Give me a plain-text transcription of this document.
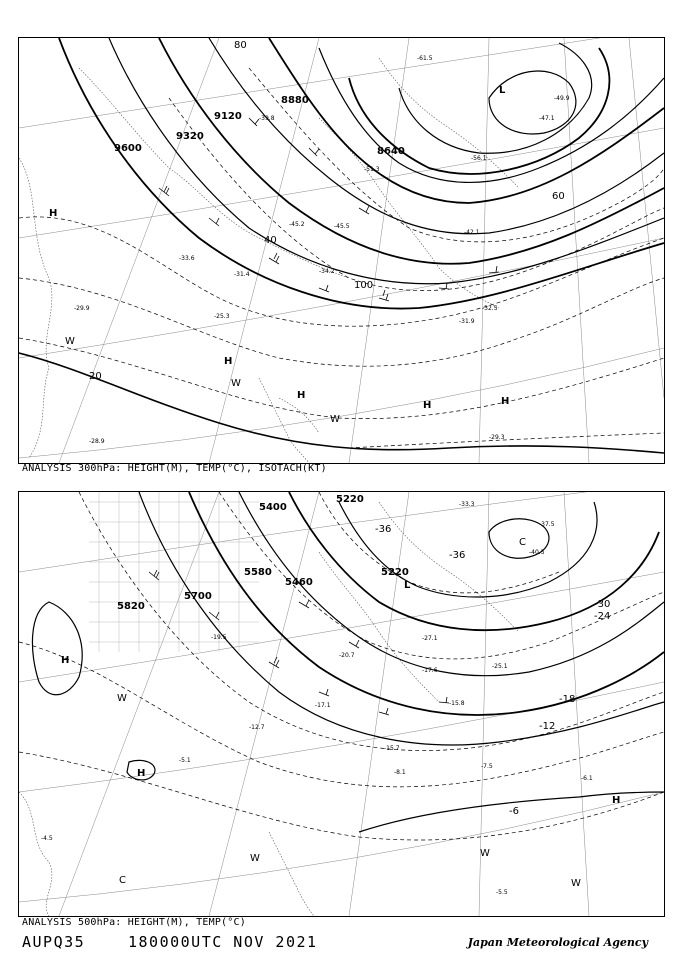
9600
9320
9120
8880
8640
80
40
60
100
20
-29.9
-29.3
-31.9
-32.5
-34.2
-42.1
-51.3
-56.1
-61.5
-47.1
-49.9
-39.8
-45.2
-33.6
-28.9
-25.3
-31.4
-45.5
L
H
H
H
H	H
W
W
W
ANALYSIS 300hPa: HEIGHT(M), TEMP(°C), ISOTACH(KT)
5820
5700
5580
5460
5220
5220
5400
-36
-36
-30
-24
-18
-12
-6
-20.7
-15.8
-17.1
-12.7
-15.7
-8.1
-7.5
-6.1
-4.5
-5.5
-33.3
-37.5
-40.5
-27.1
-19.5
-25.1
-17.6
-5.1
H
H
H
C
C
L
W
W	W
W
ANALYSIS 500hPa: HEIGHT(M), TEMP(°C)
AUPQ35	180000UTC NOV 2021	Japan Meteorological Agency
